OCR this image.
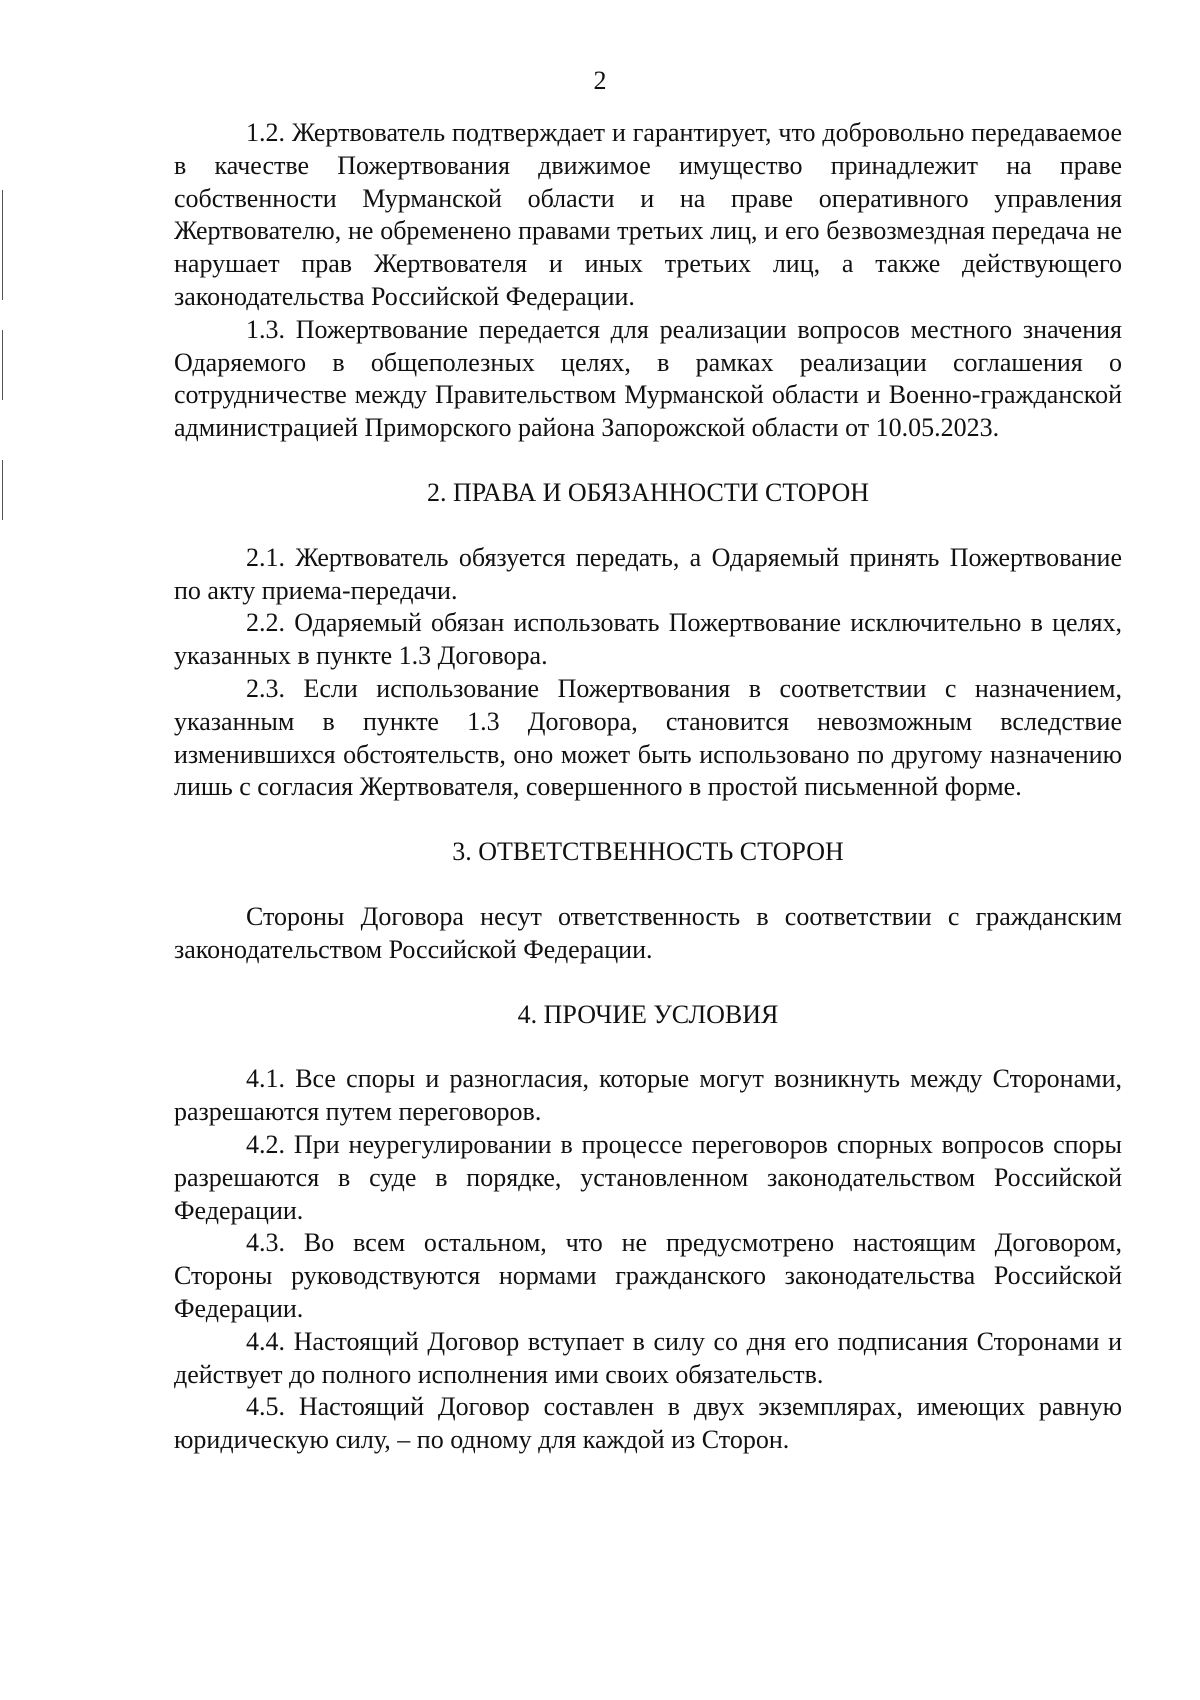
2

1.2. Жертвователь подтверждает и гарантирует, что добровольно передаваемое в качестве Пожертвования движимое имущество принадлежит на праве собственности Мурманской области и на праве оперативного управления Жертвователю, не обременено правами третьих лиц, и его безвозмездная передача не нарушает прав Жертвователя и иных третьих лиц, а также действующего законодательства Российской Федерации.

1.3. Пожертвование передается для реализации вопросов местного значения Одаряемого в общеполезных целях, в рамках реализации соглашения о сотрудничестве между Правительством Мурманской области и Военно-гражданской администрацией Приморского района Запорожской области от 10.05.2023.

2. ПРАВА И ОБЯЗАННОСТИ СТОРОН

2.1. Жертвователь обязуется передать, а Одаряемый принять Пожертвование по акту приема-передачи.

2.2. Одаряемый обязан использовать Пожертвование исключительно в целях, указанных в пункте 1.3 Договора.

2.3. Если использование Пожертвования в соответствии с назначением, указанным в пункте 1.3 Договора, становится невозможным вследствие изменившихся обстоятельств, оно может быть использовано по другому назначению лишь с согласия Жертвователя, совершенного в простой письменной форме.

3. ОТВЕТСТВЕННОСТЬ СТОРОН

Стороны Договора несут ответственность в соответствии с гражданским законодательством Российской Федерации.

4. ПРОЧИЕ УСЛОВИЯ

4.1. Все споры и разногласия, которые могут возникнуть между Сторонами, разрешаются путем переговоров.

4.2. При неурегулировании в процессе переговоров спорных вопросов споры разрешаются в суде в порядке, установленном законодательством Российской Федерации.

4.3. Во всем остальном, что не предусмотрено настоящим Договором, Стороны руководствуются нормами гражданского законодательства Российской Федерации.

4.4. Настоящий Договор вступает в силу со дня его подписания Сторонами и действует до полного исполнения ими своих обязательств.

4.5. Настоящий Договор составлен в двух экземплярах, имеющих равную юридическую силу, – по одному для каждой из Сторон.
